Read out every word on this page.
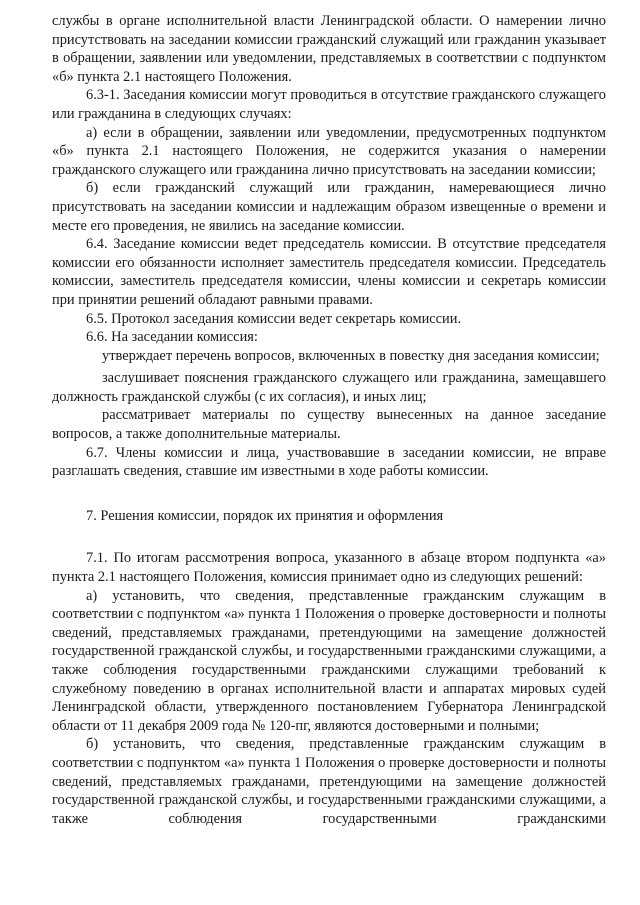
службы в органе исполнительной власти Ленинградской области. О намерении лично присутствовать на заседании комиссии гражданский служащий или гражданин указывает в обращении, заявлении или уведомлении, представляемых в соответствии с подпунктом «б» пункта 2.1 настоящего Положения.

6.3-1. Заседания комиссии могут проводиться в отсутствие гражданского служащего или гражданина в следующих случаях:

а) если в обращении, заявлении или уведомлении, предусмотренных подпунктом «б» пункта 2.1 настоящего Положения, не содержится указания о намерении гражданского служащего или гражданина лично присутствовать на заседании комиссии;

б) если гражданский служащий или гражданин, намеревающиеся лично присутствовать на заседании комиссии и надлежащим образом извещенные о времени и месте его проведения, не явились на заседание комиссии.

6.4. Заседание комиссии ведет председатель комиссии. В отсутствие председателя комиссии его обязанности исполняет заместитель председателя комиссии. Председатель комиссии, заместитель председателя комиссии, члены комиссии и секретарь комиссии при принятии решений обладают равными правами.

6.5. Протокол заседания комиссии ведет секретарь комиссии.

6.6. На заседании комиссия:

утверждает перечень вопросов, включенных в повестку дня заседания комиссии;

заслушивает пояснения гражданского служащего или гражданина, замещавшего должность гражданской службы (с их согласия), и иных лиц;

рассматривает материалы по существу вынесенных на данное заседание вопросов, а также дополнительные материалы.

6.7. Члены комиссии и лица, участвовавшие в заседании комиссии, не вправе разглашать сведения, ставшие им известными в ходе работы комиссии.

7. Решения комиссии, порядок их принятия и оформления

7.1. По итогам рассмотрения вопроса, указанного в абзаце втором подпункта «а» пункта 2.1 настоящего Положения, комиссия принимает одно из следующих решений:

а) установить, что сведения, представленные гражданским служащим в соответствии с подпунктом «а» пункта 1 Положения о проверке достоверности и полноты сведений, представляемых гражданами, претендующими на замещение должностей государственной гражданской службы, и государственными гражданскими служащими, а также соблюдения государственными гражданскими служащими требований к служебному поведению в органах исполнительной власти и аппаратах мировых судей Ленинградской области, утвержденного постановлением Губернатора Ленинградской области от 11 декабря 2009 года № 120-пг, являются достоверными и полными;

б) установить, что сведения, представленные гражданским служащим в соответствии с подпунктом «а» пункта 1 Положения о проверке достоверности и полноты сведений, представляемых гражданами, претендующими на замещение должностей государственной гражданской службы, и государственными гражданскими служащими, а также соблюдения государственными гражданскими
